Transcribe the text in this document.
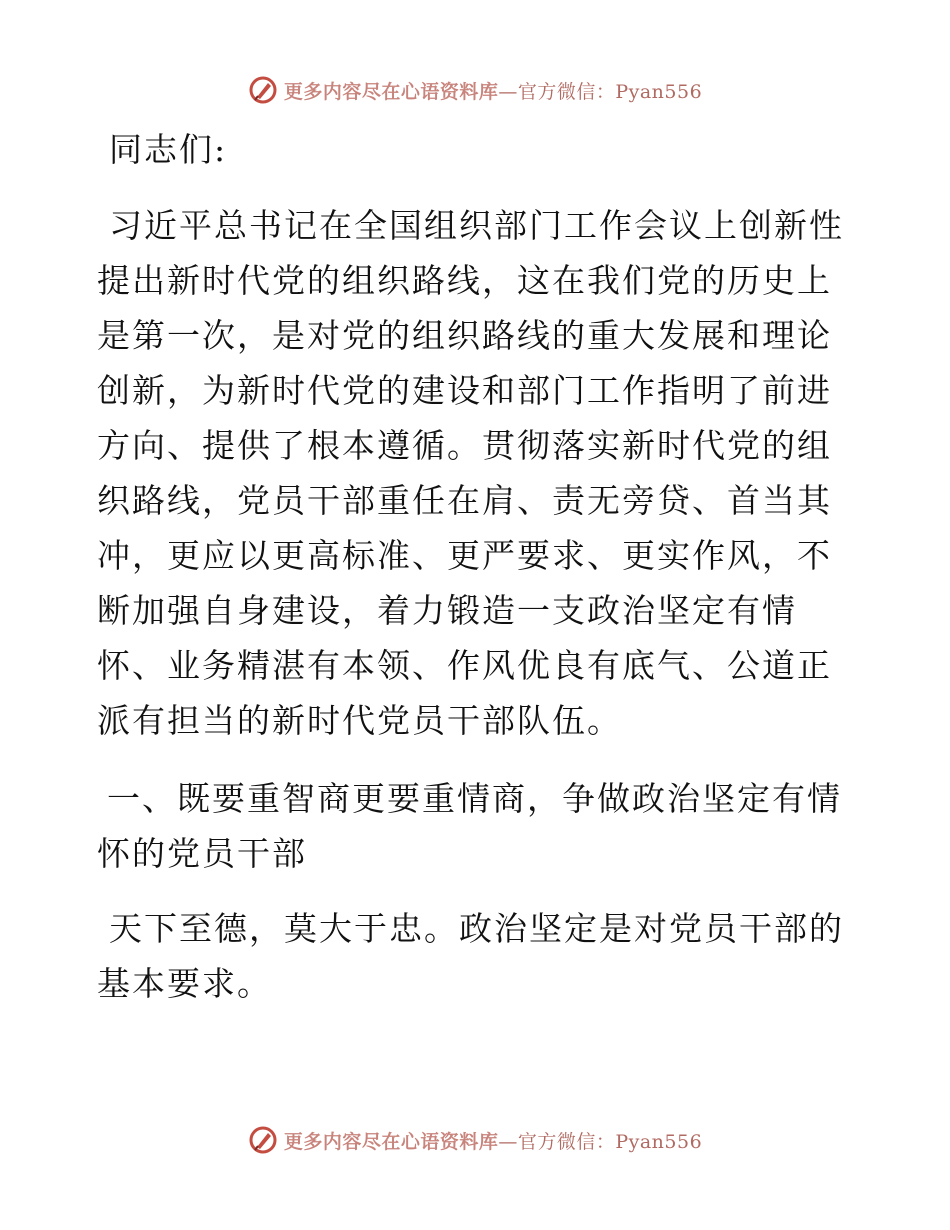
更多内容尽在心语资料库—官方微信：Pyan556

同志们:

习近平总书记在全国组织部门工作会议上创新性提出新时代党的组织路线，这在我们党的历史上是第一次，是对党的组织路线的重大发展和理论创新，为新时代党的建设和部门工作指明了前进方向、提供了根本遵循。贯彻落实新时代党的组织路线，党员干部重任在肩、责无旁贷、首当其冲，更应以更高标准、更严要求、更实作风，不断加强自身建设，着力锻造一支政治坚定有情怀、业务精湛有本领、作风优良有底气、公道正派有担当的新时代党员干部队伍。

一、既要重智商更要重情商，争做政治坚定有情怀的党员干部

天下至德，莫大于忠。政治坚定是对党员干部的基本要求。

更多内容尽在心语资料库—官方微信：Pyan556
